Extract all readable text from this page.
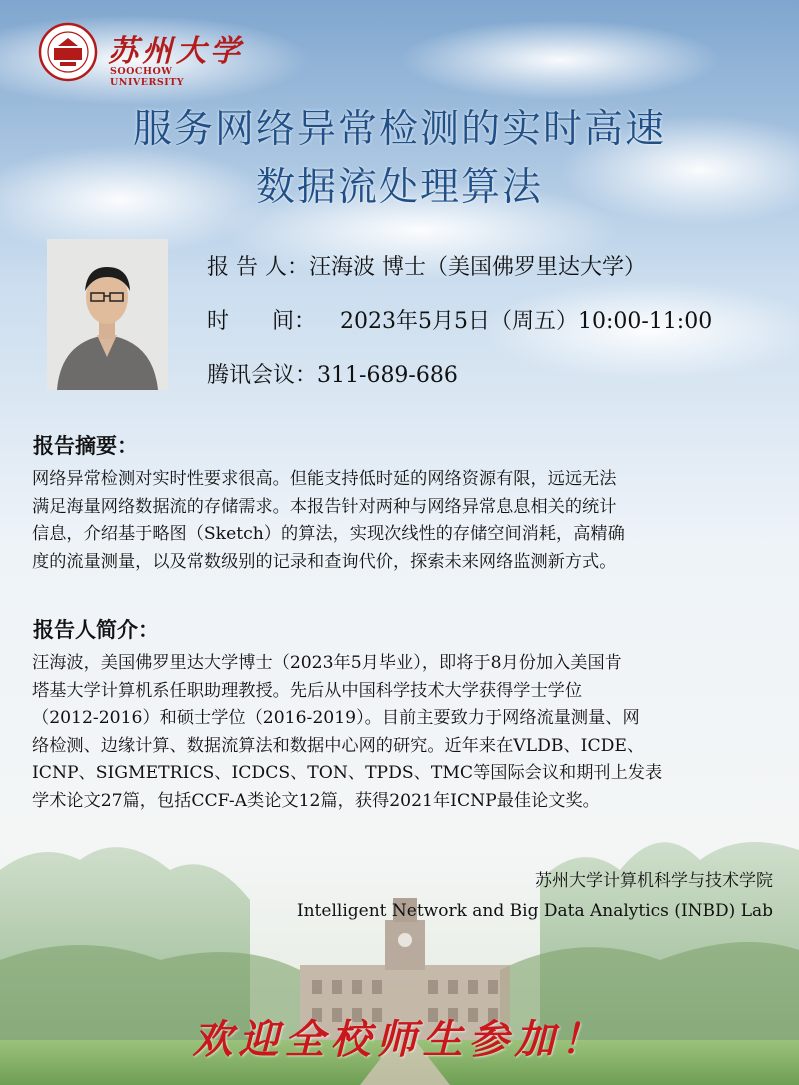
苏州大学
SOOCHOW UNIVERSITY
服务网络异常检测的实时高速
数据流处理算法
报 告 人：汪海波 博士（美国佛罗里达大学）
时 间： 2023年5月5日（周五）10:00-11:00
腾讯会议：311-689-686
报告摘要：
网络异常检测对实时性要求很高。但能支持低时延的网络资源有限，远远无法
满足海量网络数据流的存储需求。本报告针对两种与网络异常息息相关的统计
信息，介绍基于略图（Sketch）的算法，实现次线性的存储空间消耗，高精确
度的流量测量，以及常数级别的记录和查询代价，探索未来网络监测新方式。
报告人简介：
汪海波，美国佛罗里达大学博士（2023年5月毕业），即将于8月份加入美国肯
塔基大学计算机系任职助理教授。先后从中国科学技术大学获得学士学位
（2012-2016）和硕士学位（2016-2019）。目前主要致力于网络流量测量、网
络检测、边缘计算、数据流算法和数据中心网的研究。近年来在VLDB、ICDE、
ICNP、SIGMETRICS、ICDCS、TON、TPDS、TMC等国际会议和期刊上发表
学术论文27篇，包括CCF-A类论文12篇，获得2021年ICNP最佳论文奖。
苏州大学计算机科学与技术学院
Intelligent Network and Big Data Analytics (INBD) Lab
欢迎全校师生参加！
